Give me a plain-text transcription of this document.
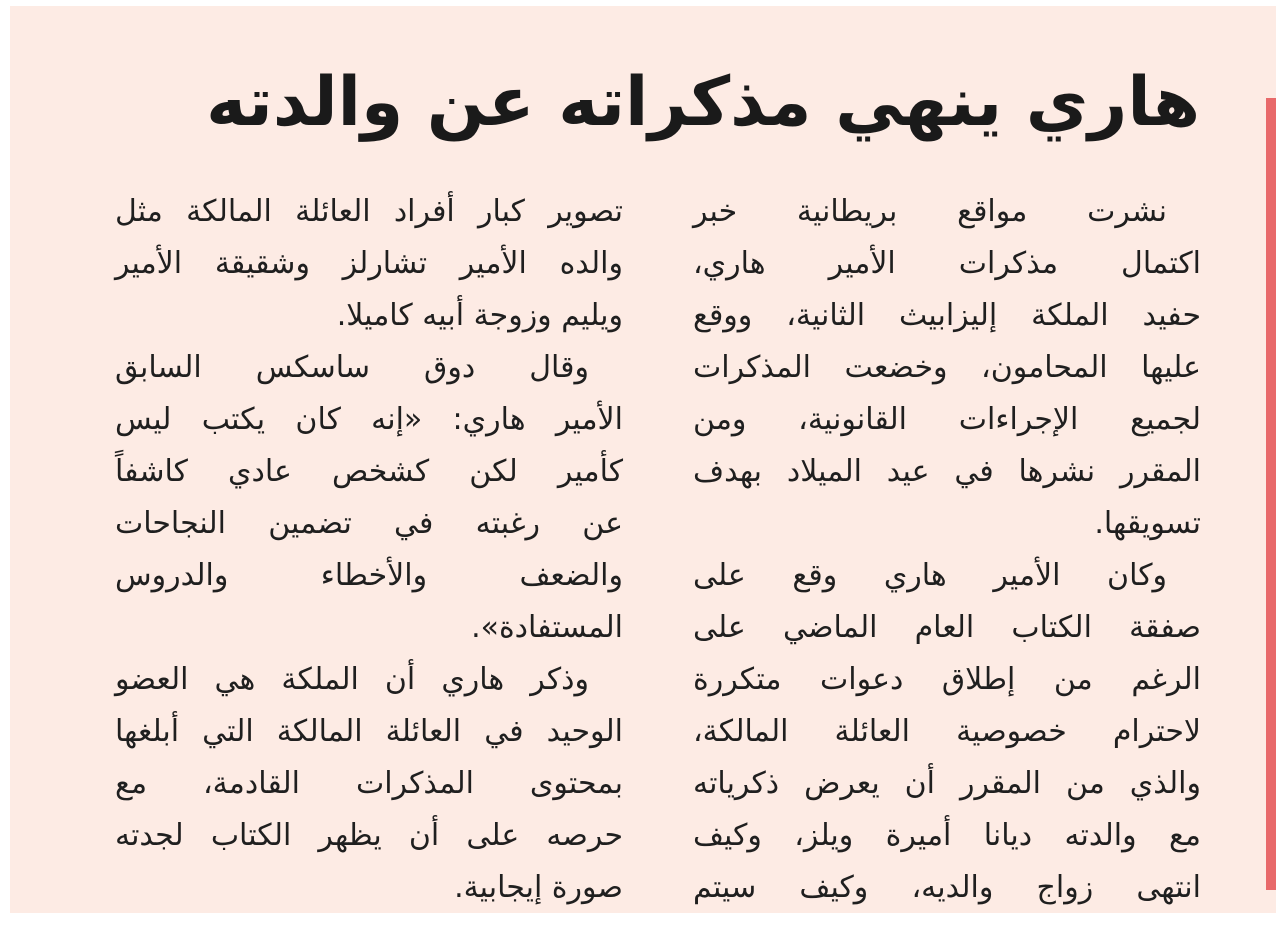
هاري ينهي مذكراته عن والدته
نشرت مواقع بريطانية خبر
اكتمال مذكرات الأمير هاري،
حفيد الملكة إليزابيث الثانية، ووقع
عليها المحامون، وخضعت المذكرات
لجميع الإجراءات القانونية، ومن
المقرر نشرها في عيد الميلاد بهدف
تسويقها.
وكان الأمير هاري وقع على
صفقة الكتاب العام الماضي على
الرغم من إطلاق دعوات متكررة
لاحترام خصوصية العائلة المالكة،
والذي من المقرر أن يعرض ذكرياته
مع والدته ديانا أميرة ويلز، وكيف
انتهى زواج والديه، وكيف سيتم
تصوير كبار أفراد العائلة المالكة مثل
والده الأمير تشارلز وشقيقة الأمير
ويليم وزوجة أبيه كاميلا.
وقال دوق ساسكس السابق
الأمير هاري: «إنه كان يكتب ليس
كأمير لكن كشخص عادي كاشفاً
عن رغبته في تضمين النجاحات
والضعف والأخطاء والدروس
المستفادة».
وذكر هاري أن الملكة هي العضو
الوحيد في العائلة المالكة التي أبلغها
بمحتوى المذكرات القادمة، مع
حرصه على أن يظهر الكتاب لجدته
صورة إيجابية.
